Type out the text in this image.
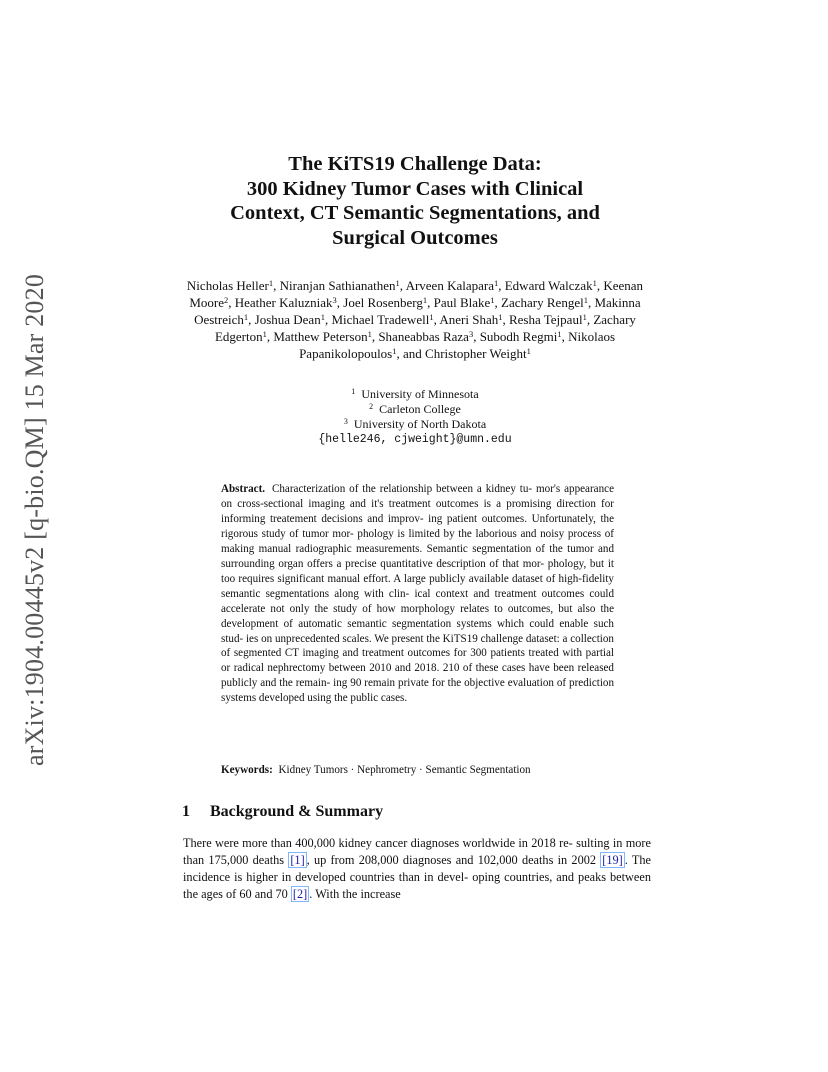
arXiv:1904.00445v2 [q-bio.QM] 15 Mar 2020
The KiTS19 Challenge Data:
300 Kidney Tumor Cases with Clinical
Context, CT Semantic Segmentations, and
Surgical Outcomes

Nicholas Heller$^1$, Niranjan Sathianathen$^1$, Arveen Kalapara$^1$, Edward Walczak$^1$, Keenan Moore$^2$, Heather Kaluzniak$^3$, Joel Rosenberg$^1$, Paul Blake$^1$, Zachary Rengel$^1$, Makinna Oestreich$^1$, Joshua Dean$^1$, Michael Tradewell$^1$, Aneri Shah$^1$, Resha Tejpaul$^1$, Zachary Edgerton$^1$, Matthew Peterson$^1$, Shaneabbas Raza$^3$, Subodh Regmi$^1$, Nikolaos Papanikolopoulos$^1$, and Christopher Weight$^1$

$^1$ University of Minnesota
$^2$ Carleton College
$^3$ University of North Dakota
{helle246, cjweight}@umn.edu

Abstract. Characterization of the relationship between a kidney tu- mor's appearance on cross-sectional imaging and it's treatment outcomes is a promising direction for informing treatement decisions and improv- ing patient outcomes. Unfortunately, the rigorous study of tumor mor- phology is limited by the laborious and noisy process of making manual radiographic measurements. Semantic segmentation of the tumor and surrounding organ offers a precise quantitative description of that mor- phology, but it too requires significant manual effort. A large publicly available dataset of high-fidelity semantic segmentations along with clin- ical context and treatment outcomes could accelerate not only the study of how morphology relates to outcomes, but also the development of automatic semantic segmentation systems which could enable such stud- ies on unprecedented scales. We present the KiTS19 challenge dataset: a collection of segmented CT imaging and treatment outcomes for 300 patients treated with partial or radical nephrectomy between 2010 and 2018. 210 of these cases have been released publicly and the remain- ing 90 remain private for the objective evaluation of prediction systems developed using the public cases.

Keywords: Kidney Tumors · Nephrometry · Semantic Segmentation

1 Background & Summary

There were more than 400,000 kidney cancer diagnoses worldwide in 2018 re- sulting in more than 175,000 deaths [1] , up from 208,000 diagnoses and 102,000 deaths in 2002 [19] . The incidence is higher in developed countries than in devel- oping countries, and peaks between the ages of 60 and 70 [2] . With the increase
